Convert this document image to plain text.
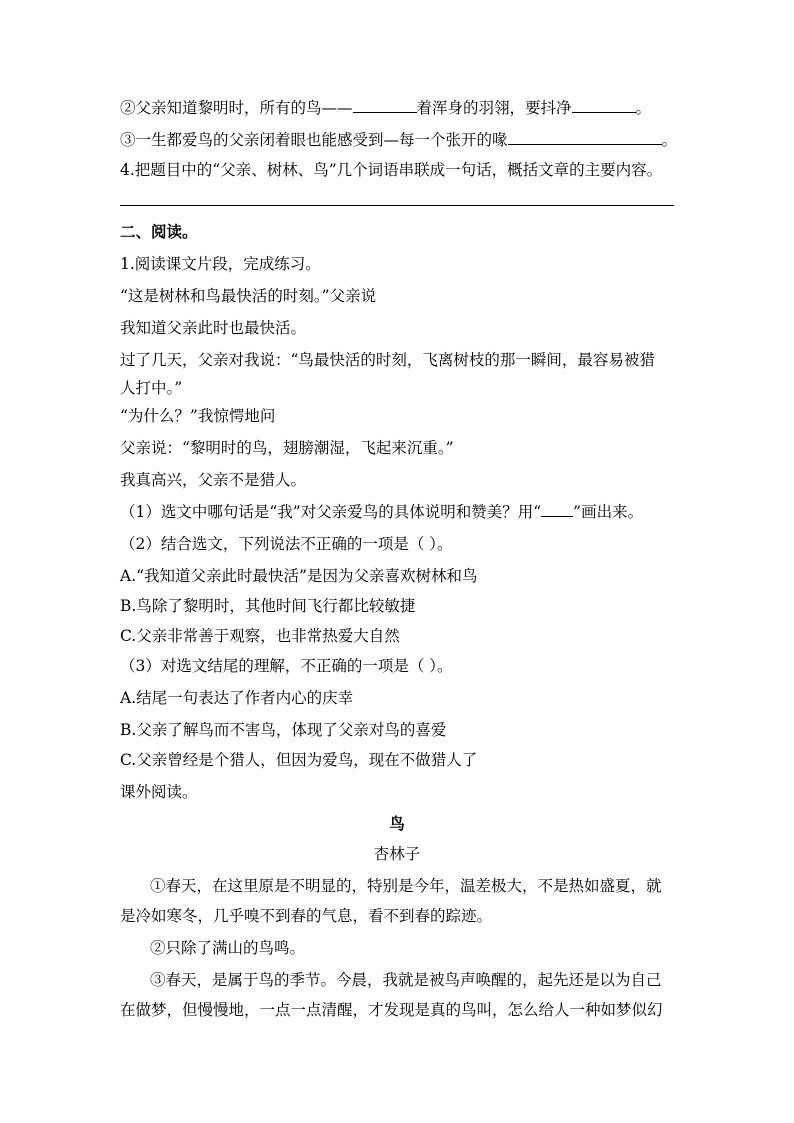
②父亲知道黎明时，所有的鸟——	着浑身的羽翎，要抖净	。
③一生都爱鸟的父亲闭着眼也能感受到—每一个张开的喙	。
4.把题目中的“父亲、树林、鸟”几个词语串联成一句话，概括文章的主要内容。
二、阅读。
1.阅读课文片段，完成练习。
“这是树林和鸟最快活的时刻。”父亲说
我知道父亲此时也最快活。
过了几天，父亲对我说：“鸟最快活的时刻，飞离树枝的那一瞬间，最容易被猎
人打中。”
“为什么？”我惊愕地问
父亲说：“黎明时的鸟，翅膀潮湿，飞起来沉重。”
我真高兴，父亲不是猎人。
（1）选文中哪句话是“我”对父亲爱鸟的具体说明和赞美？用“ ”画出来。
（2）结合选文，下列说法不正确的一项是（ ）。
A.“我知道父亲此时最快活”是因为父亲喜欢树林和鸟
B.鸟除了黎明时，其他时间飞行都比较敏捷
C.父亲非常善于观察，也非常热爱大自然
（3）对选文结尾的理解，不正确的一项是（ ）。
A.结尾一句表达了作者内心的庆幸
B.父亲了解鸟而不害鸟，体现了父亲对鸟的喜爱
C.父亲曾经是个猎人，但因为爱鸟，现在不做猎人了
课外阅读。
鸟
杏林子
①春天，在这里原是不明显的，特别是今年，温差极大，不是热如盛夏，就
是冷如寒冬，几乎嗅不到春的气息，看不到春的踪迹。
②只除了满山的鸟鸣。
③春天，是属于鸟的季节。今晨，我就是被鸟声唤醒的，起先还是以为自己
在做梦，但慢慢地，一点一点清醒，才发现是真的鸟叫，怎么给人一种如梦似幻
